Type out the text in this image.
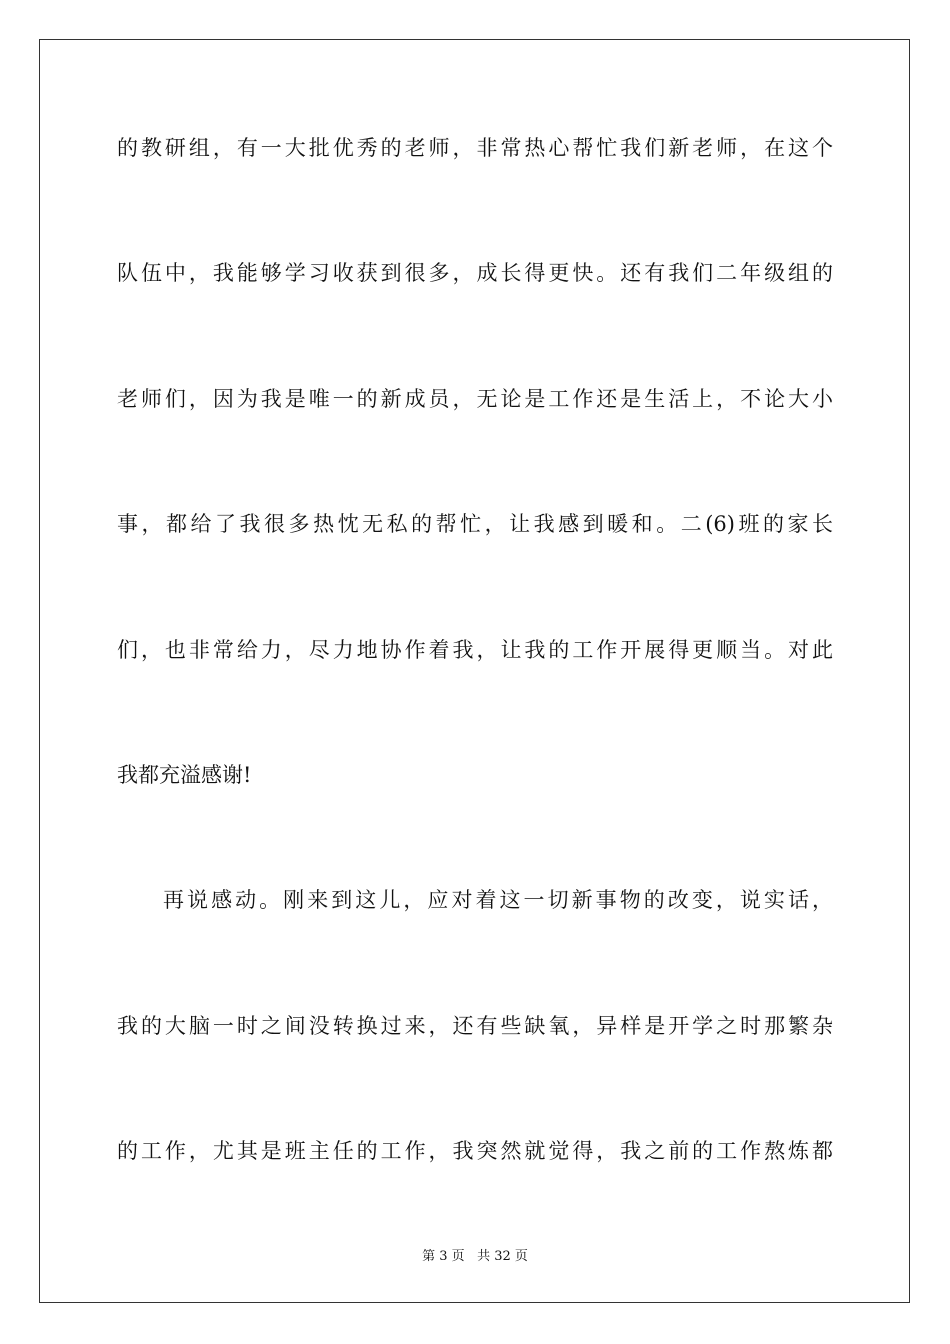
的教研组，有一大批优秀的老师，非常热心帮忙我们新老师，在这个
队伍中，我能够学习收获到很多，成长得更快。还有我们二年级组的
老师们，因为我是唯一的新成员，无论是工作还是生活上，不论大小
事，都给了我很多热忱无私的帮忙，让我感到暖和。二(6)班的家长
们，也非常给力，尽力地协作着我，让我的工作开展得更顺当。对此
我都充溢感谢!
再说感动。刚来到这儿，应对着这一切新事物的改变，说实话，
我的大脑一时之间没转换过来，还有些缺氧，异样是开学之时那繁杂
的工作，尤其是班主任的工作，我突然就觉得，我之前的工作熬炼都
第 3 页 共 32 页
